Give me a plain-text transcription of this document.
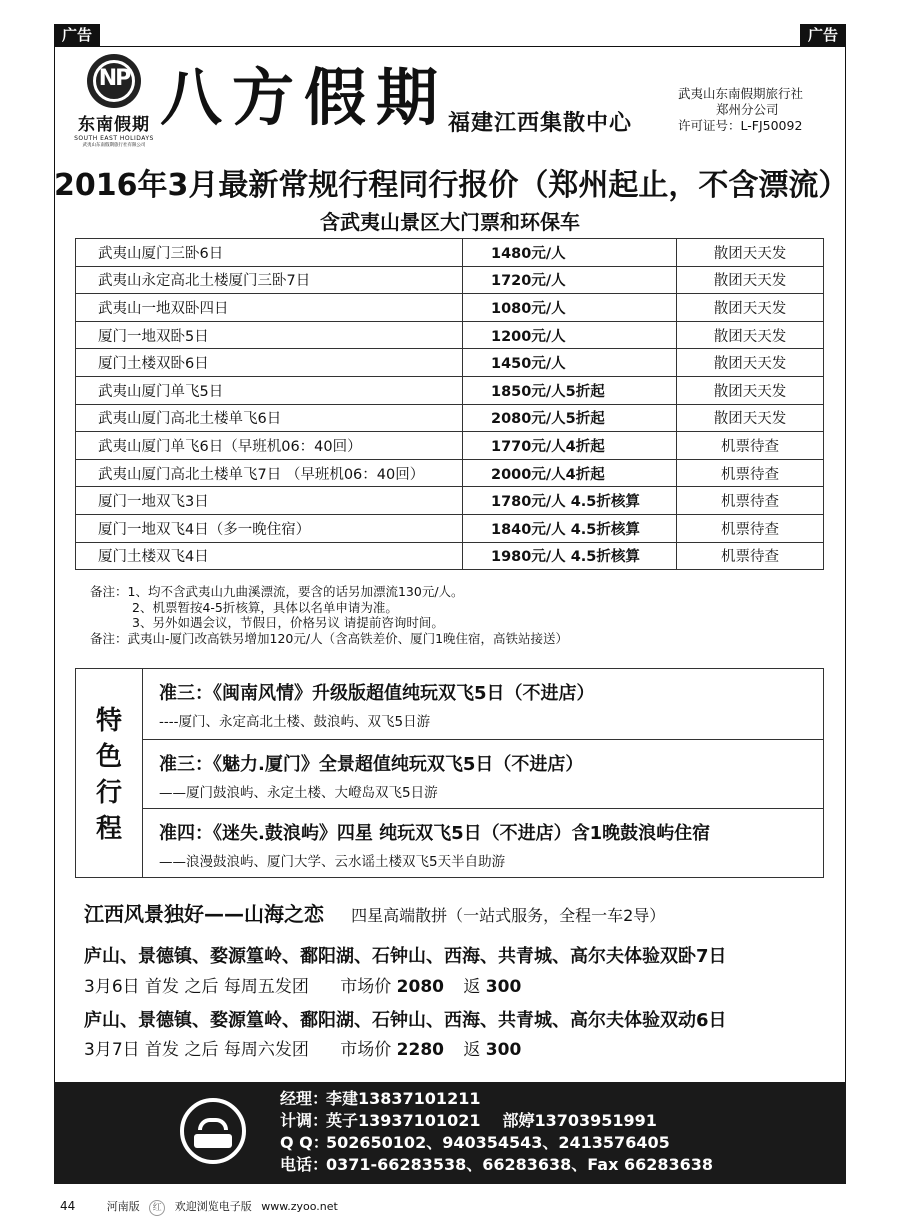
广告	广告
NP
东南假期
SOUTH EAST HOLIDAYS
武夷山东南假期旅行社有限公司
八方假期 福建江西集散中心
武夷山东南假期旅行社
郑州分公司
许可证号：L-FJ50092
2016年3月最新常规行程同行报价（郑州起止，不含漂流）
含武夷山景区大门票和环保车
武夷山厦门三卧6日	1480元/人	散团天天发
武夷山永定高北土楼厦门三卧7日	1720元/人	散团天天发
武夷山一地双卧四日	1080元/人	散团天天发
厦门一地双卧5日	1200元/人	散团天天发
厦门土楼双卧6日	1450元/人	散团天天发
武夷山厦门单飞5日	1850元/人5折起	散团天天发
武夷山厦门高北土楼单飞6日	2080元/人5折起	散团天天发
武夷山厦门单飞6日（早班机06：40回）	1770元/人4折起	机票待查
武夷山厦门高北土楼单飞7日 （早班机06：40回）	2000元/人4折起	机票待查
厦门一地双飞3日	1780元/人 4.5折核算	机票待查
厦门一地双飞4日（多一晚住宿）	1840元/人 4.5折核算	机票待查
厦门土楼双飞4日	1980元/人 4.5折核算	机票待查
备注：1、均不含武夷山九曲溪漂流，要含的话另加漂流130元/人。
2、机票暂按4-5折核算，具体以名单申请为准。
3、另外如遇会议，节假日，价格另议 请提前咨询时间。
备注：武夷山-厦门改高铁另增加120元/人（含高铁差价、厦门1晚住宿，高铁站接送）
特
色
行
程
准三：《闽南风情》升级版超值纯玩双飞5日（不进店）
----厦门、永定高北土楼、鼓浪屿、双飞5日游
准三：《魅力.厦门》全景超值纯玩双飞5日（不进店）
——厦门鼓浪屿、永定土楼、大嶝岛双飞5日游
准四：《迷失.鼓浪屿》四星 纯玩双飞5日（不进店）含1晚鼓浪屿住宿
——浪漫鼓浪屿、厦门大学、云水谣土楼双飞5天半自助游
江西风景独好——山海之恋 四星高端散拼（一站式服务，全程一车2导）
庐山、景德镇、婺源篁岭、鄱阳湖、石钟山、西海、共青城、高尔夫体验双卧7日
3月6日 首发 之后 每周五发团 市场价 2080 返 300
庐山、景德镇、婺源篁岭、鄱阳湖、石钟山、西海、共青城、高尔夫体验双动6日
3月7日 首发 之后 每周六发团 市场价 2280 返 300
经理：李建13837101211
计调：英子13937101021 部婷13703951991
Q Q：502650102、940354543、2413576405
电话：0371-66283538、66283638、Fax 66283638
44	河南版 红 欢迎浏览电子版 www.zyoo.net
